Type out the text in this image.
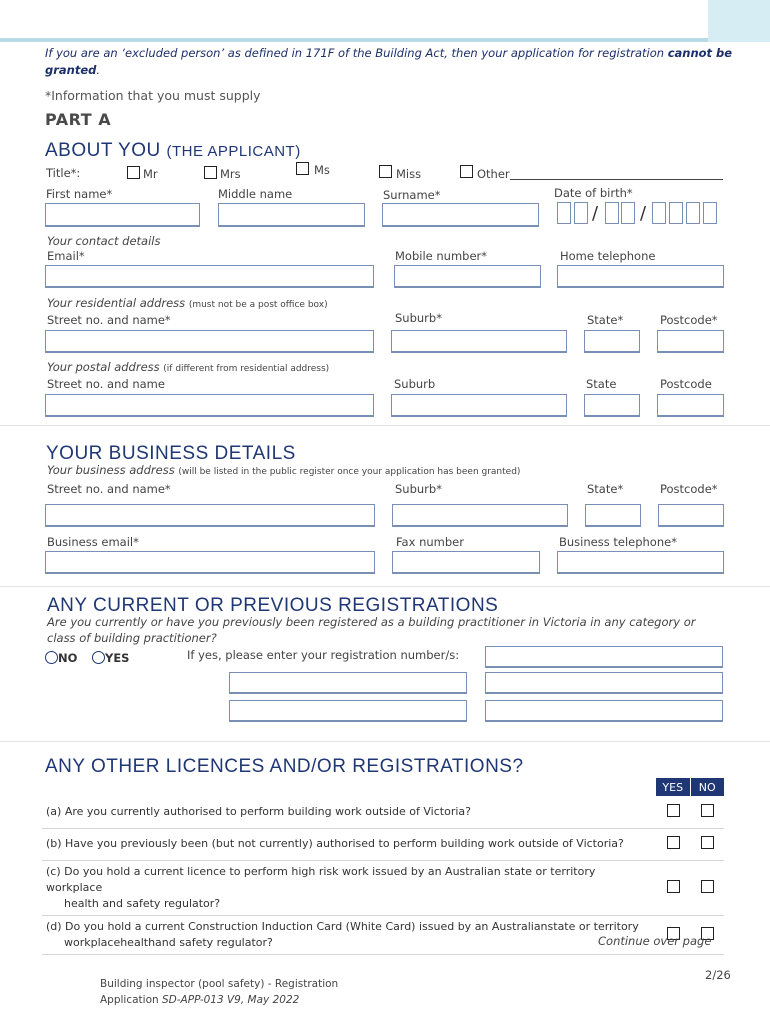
If you are an ‘excluded person’ as defined in 171F of the Building Act, then your application for registration cannot be granted.
*Information that you must supply
PART A
ABOUT YOU (THE APPLICANT)
Title*:	Mr	Mrs	Ms	Miss	Other
First name*	Middle name	Surname*	Date of birth*
/ /
Your contact details
Email*	Mobile number*	Home telephone
Your residential address (must not be a post office box)
Street no. and name*	Suburb*	State*	Postcode*
Your postal address (if different from residential address)
Street no. and name	Suburb	State	Postcode
YOUR BUSINESS DETAILS
Your business address (will be listed in the public register once your application has been granted)
Street no. and name*	Suburb*	State*	Postcode*
Business email*	Fax number	Business telephone*
ANY CURRENT OR PREVIOUS REGISTRATIONS
Are you currently or have you previously been registered as a building practitioner in Victoria in any category or class of building practitioner?
NO	YES	If yes, please enter your registration number/s:
ANY OTHER LICENCES AND/OR REGISTRATIONS?
	YES	NO
(a) Are you currently authorised to perform building work outside of Victoria?		
(b) Have you previously been (but not currently) authorised to perform building work outside of Victoria?		

(c) Do you hold a current licence to perform high risk work issued by an Australian state or territory workplace
health and safety regulator?		

(d) Do you hold a current Construction Induction Card (White Card) issued by an Australianstate or territory
workplacehealthand safety regulator?		
			Continue over page
Building inspector (pool safety) - Registration
Application SD-APP-013 V9, May 2022
2/26
